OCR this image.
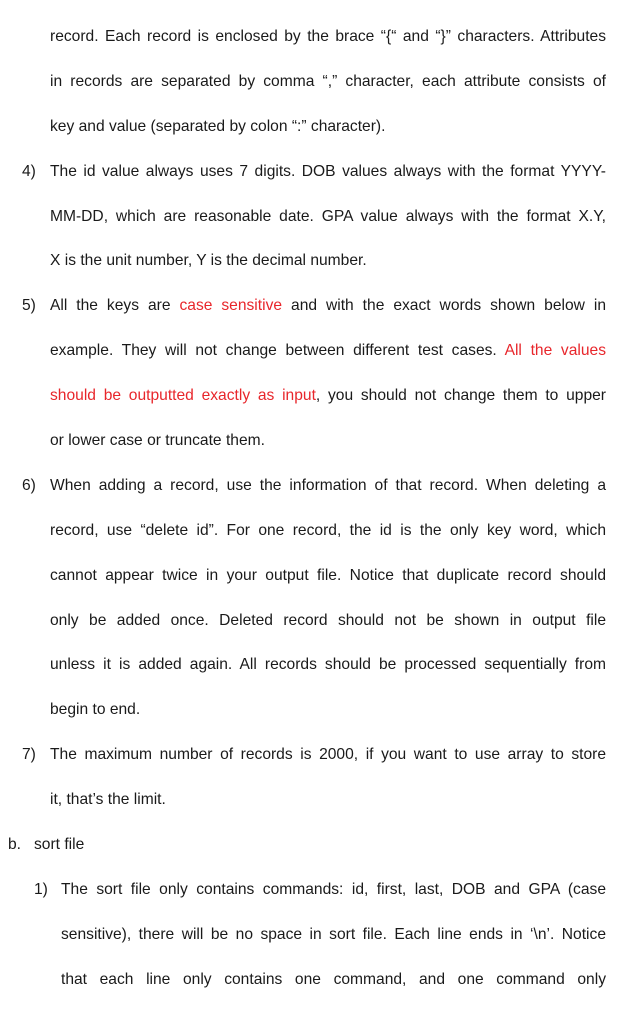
record. Each record is enclosed by the brace “{“ and “}” characters. Attributes
in records are separated by comma “,” character, each attribute consists of
key and value (separated by colon “:” character).
4) The id value always uses 7 digits. DOB values always with the format YYYY-
MM-DD, which are reasonable date. GPA value always with the format X.Y,
X is the unit number, Y is the decimal number.
5) All the keys are case sensitive and with the exact words shown below in
example. They will not change between different test cases. All the values
should be outputted exactly as input, you should not change them to upper
or lower case or truncate them.
6) When adding a record, use the information of that record. When deleting a
record, use “delete id”. For one record, the id is the only key word, which
cannot appear twice in your output file. Notice that duplicate record should
only be added once. Deleted record should not be shown in output file
unless it is added again. All records should be processed sequentially from
begin to end.
7) The maximum number of records is 2000, if you want to use array to store
it, that’s the limit.
b. sort file
1) The sort file only contains commands: id, first, last, DOB and GPA (case
sensitive), there will be no space in sort file. Each line ends in ‘\n’. Notice
that each line only contains one command, and one command only
